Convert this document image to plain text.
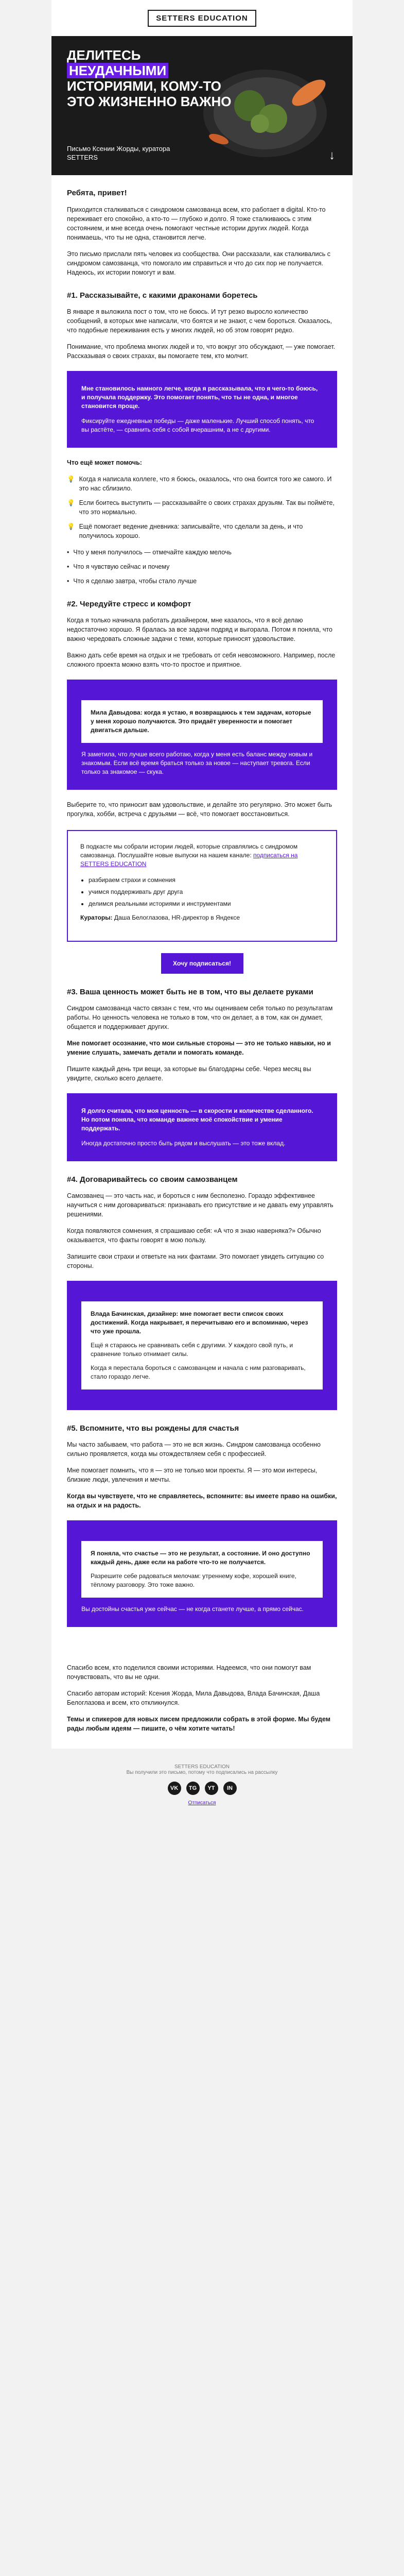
SETTERS EDUCATION
ДЕЛИТЕСЬ НЕУДАЧНЫМИ ИСТОРИЯМИ, КОМУ-ТО ЭТО ЖИЗНЕННО ВАЖНО
Письмо Ксении Жорды, куратора SETTERS	↓
Ребята, привет!

Приходится сталкиваться с синдромом самозванца всем, кто работает в digital. Кто-то переживает его спокойно, а кто-то — глубоко и долго. Я тоже сталкиваюсь с этим состоянием, и мне всегда очень помогают честные истории других людей. Когда понимаешь, что ты не одна, становится легче.

Это письмо прислали пять человек из сообщества. Они рассказали, как сталкивались с синдромом самозванца, что помогало им справиться и что до сих пор не получается. Надеюсь, их истории помогут и вам.

#1. Рассказывайте, с какими драконами боретесь

В январе я выложила пост о том, что не боюсь. И тут резко выросло количество сообщений, в которых мне написали, что боятся и не знают, с чем бороться. Оказалось, что подобные переживания есть у многих людей, но об этом говорят редко.

Понимание, что проблема многих людей и то, что вокруг это обсуждают, — уже помогает. Рассказывая о своих страхах, вы помогаете тем, кто молчит.

Мне становилось намного легче, когда я рассказывала, что я чего-то боюсь, и получала поддержку. Это помогает понять, что ты не одна, и многое становится проще.

Фиксируйте ежедневные победы — даже маленькие. Лучший способ понять, что вы растёте, — сравнить себя с собой вчерашним, а не с другими.

Что ещё может помочь:

💡 Когда я написала коллеге, что я боюсь, оказалось, что она боится того же самого. И это нас сблизило.
💡 Если боитесь выступить — рассказывайте о своих страхах друзьям. Так вы поймёте, что это нормально.
💡 Ещё помогает ведение дневника: записывайте, что сделали за день, и что получилось хорошо.
• Что у меня получилось — отмечайте каждую мелочь
• Что я чувствую сейчас и почему
• Что я сделаю завтра, чтобы стало лучше
#2. Чередуйте стресс и комфорт

Когда я только начинала работать дизайнером, мне казалось, что я всё делаю недостаточно хорошо. Я бралась за все задачи подряд и выгорала. Потом я поняла, что важно чередовать сложные задачи с теми, которые приносят удовольствие.

Важно дать себе время на отдых и не требовать от себя невозможного. Например, после сложного проекта можно взять что-то простое и приятное.

Мила Давыдова: когда я устаю, я возвращаюсь к тем задачам, которые у меня хорошо получаются. Это придаёт уверенности и помогает двигаться дальше.

Я заметила, что лучше всего работаю, когда у меня есть баланс между новым и знакомым. Если всё время браться только за новое — наступает тревога. Если только за знакомое — скука.

Выберите то, что приносит вам удовольствие, и делайте это регулярно. Это может быть прогулка, хобби, встреча с друзьями — всё, что помогает восстановиться.

В подкасте мы собрали истории людей, которые справлялись с синдромом самозванца. Послушайте новые выпуски на нашем канале: подписаться на SETTERS EDUCATION

• разбираем страхи и сомнения
• учимся поддерживать друг друга
• делимся реальными историями и инструментами

Кураторы: Даша Белоглазова, HR-директор в Яндексе

Хочу подписаться!
#3. Ваша ценность может быть не в том, что вы делаете руками

Синдром самозванца часто связан с тем, что мы оцениваем себя только по результатам работы. Но ценность человека не только в том, что он делает, а в том, как он думает, общается и поддерживает других.

Мне помогает осознание, что мои сильные стороны — это не только навыки, но и умение слушать, замечать детали и помогать команде.

Пишите каждый день три вещи, за которые вы благодарны себе. Через месяц вы увидите, сколько всего делаете.

Я долго считала, что моя ценность — в скорости и количестве сделанного. Но потом поняла, что команде важнее моё спокойствие и умение поддержать.

Иногда достаточно просто быть рядом и выслушать — это тоже вклад.

#4. Договаривайтесь со своим самозванцем

Самозванец — это часть нас, и бороться с ним бесполезно. Гораздо эффективнее научиться с ним договариваться: признавать его присутствие и не давать ему управлять решениями.

Когда появляются сомнения, я спрашиваю себя: «А что я знаю наверняка?» Обычно оказывается, что факты говорят в мою пользу.

Запишите свои страхи и ответьте на них фактами. Это помогает увидеть ситуацию со стороны.

Влада Бачинская, дизайнер: мне помогает вести список своих достижений. Когда накрывает, я перечитываю его и вспоминаю, через что уже прошла.

Ещё я стараюсь не сравнивать себя с другими. У каждого свой путь, и сравнение только отнимает силы.

Когда я перестала бороться с самозванцем и начала с ним разговаривать, стало гораздо легче.

#5. Вспомните, что вы рождены для счастья

Мы часто забываем, что работа — это не вся жизнь. Синдром самозванца особенно сильно проявляется, когда мы отождествляем себя с профессией.

Мне помогает помнить, что я — это не только мои проекты. Я — это мои интересы, близкие люди, увлечения и мечты.

Когда вы чувствуете, что не справляетесь, вспомните: вы имеете право на ошибки, на отдых и на радость.

Я поняла, что счастье — это не результат, а состояние. И оно доступно каждый день, даже если на работе что-то не получается.

Разрешите себе радоваться мелочам: утреннему кофе, хорошей книге, тёплому разговору. Это тоже важно.

Вы достойны счастья уже сейчас — не когда станете лучше, а прямо сейчас.

Спасибо всем, кто поделился своими историями. Надеемся, что они помогут вам почувствовать, что вы не одни.

Спасибо авторам историй: Ксения Жорда, Мила Давыдова, Влада Бачинская, Даша Белоглазова и всем, кто откликнулся.

Темы и спикеров для новых писем предложили собрать в этой форме. Мы будем рады любым идеям — пишите, о чём хотите читать!

SETTERS EDUCATION
Вы получили это письмо, потому что подписались на рассылку
VK	TG	YT	IN
Отписаться
